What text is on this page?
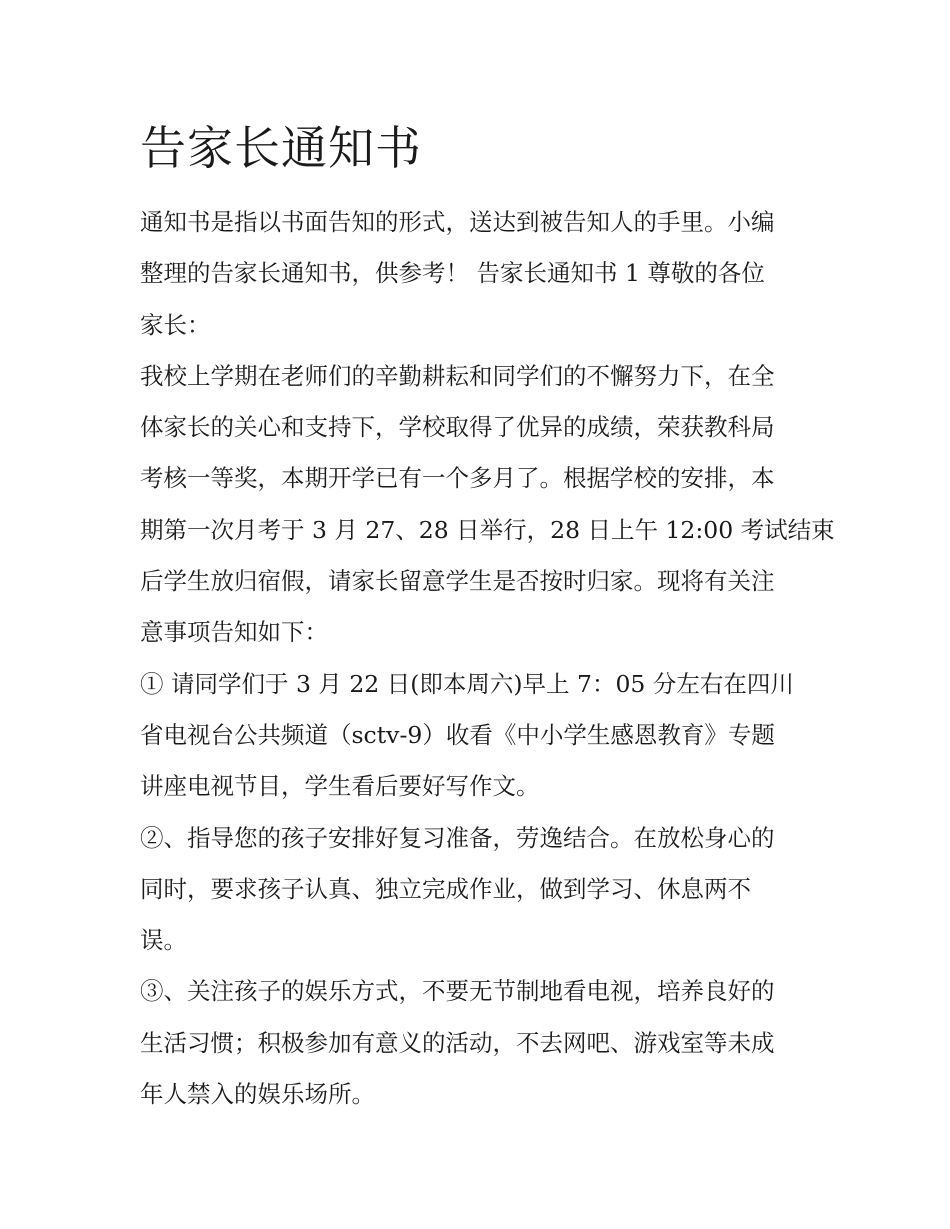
告家长通知书
通知书是指以书面告知的形式，送达到被告知人的手里。小编
整理的告家长通知书，供参考！ 告家长通知书 1 尊敬的各位
家长：
我校上学期在老师们的辛勤耕耘和同学们的不懈努力下，在全
体家长的关心和支持下，学校取得了优异的成绩，荣获教科局
考核一等奖，本期开学已有一个多月了。根据学校的安排，本
期第一次月考于 3 月 27、28 日举行，28 日上午 12:00 考试结束
后学生放归宿假，请家长留意学生是否按时归家。现将有关注
意事项告知如下：
① 请同学们于 3 月 22 日(即本周六)早上 7：05 分左右在四川
省电视台公共频道（sctv-9）收看《中小学生感恩教育》专题
讲座电视节目，学生看后要好写作文。
②、指导您的孩子安排好复习准备，劳逸结合。在放松身心的
同时，要求孩子认真、独立完成作业，做到学习、休息两不
误。
③、关注孩子的娱乐方式，不要无节制地看电视，培养良好的
生活习惯；积极参加有意义的活动，不去网吧、游戏室等未成
年人禁入的娱乐场所。
